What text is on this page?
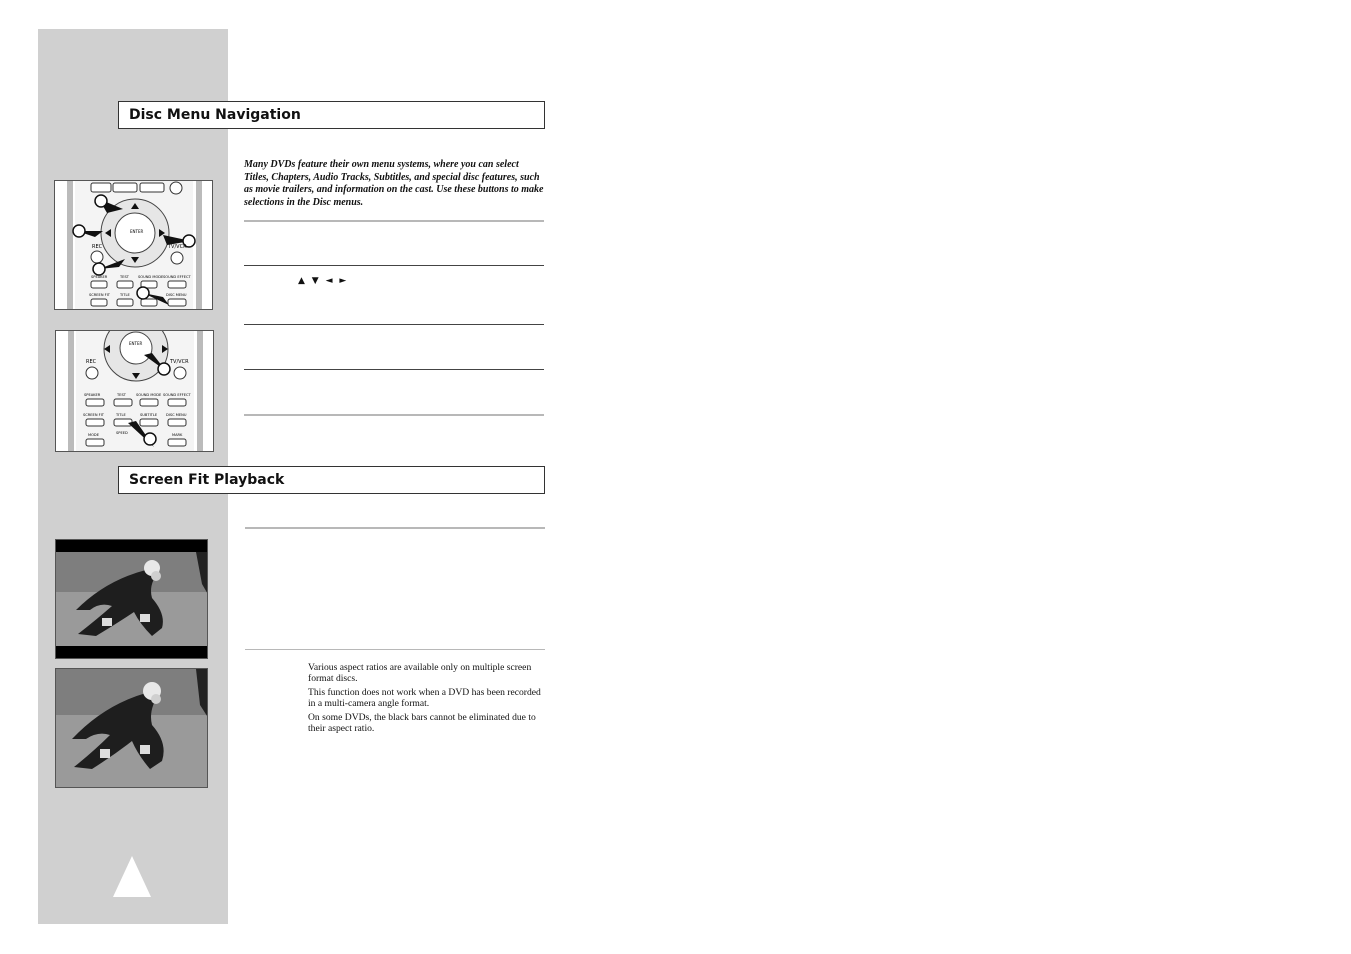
Disc Menu Navigation
Many DVDs feature their own menu systems, where you can select Titles, Chapters, Audio Tracks, Subtitles, and special disc features, such as movie trailers, and information on the cast. Use these buttons to make selections in the Disc menus.
▲ ▼ ◄ ►
ENTER
REC	TV/VCR
SPEAKER	TEST	SOUND MODE SOUND EFFECT
SCREEN FIT	TITLE	DISC MENU
ENTER
REC	TV/VCR
SPEAKER	TEST	SOUND MODE SOUND EFFECT
SCREEN FIT	TITLE	SUBTITLE DISC MENU
MODE	SPEED	MARK
Screen Fit Playback

Various aspect ratios are available only on multiple screen format discs.

This function does not work when a DVD has been recorded in a multi-camera angle format.

On some DVDs, the black bars cannot be eliminated due to their aspect ratio.
